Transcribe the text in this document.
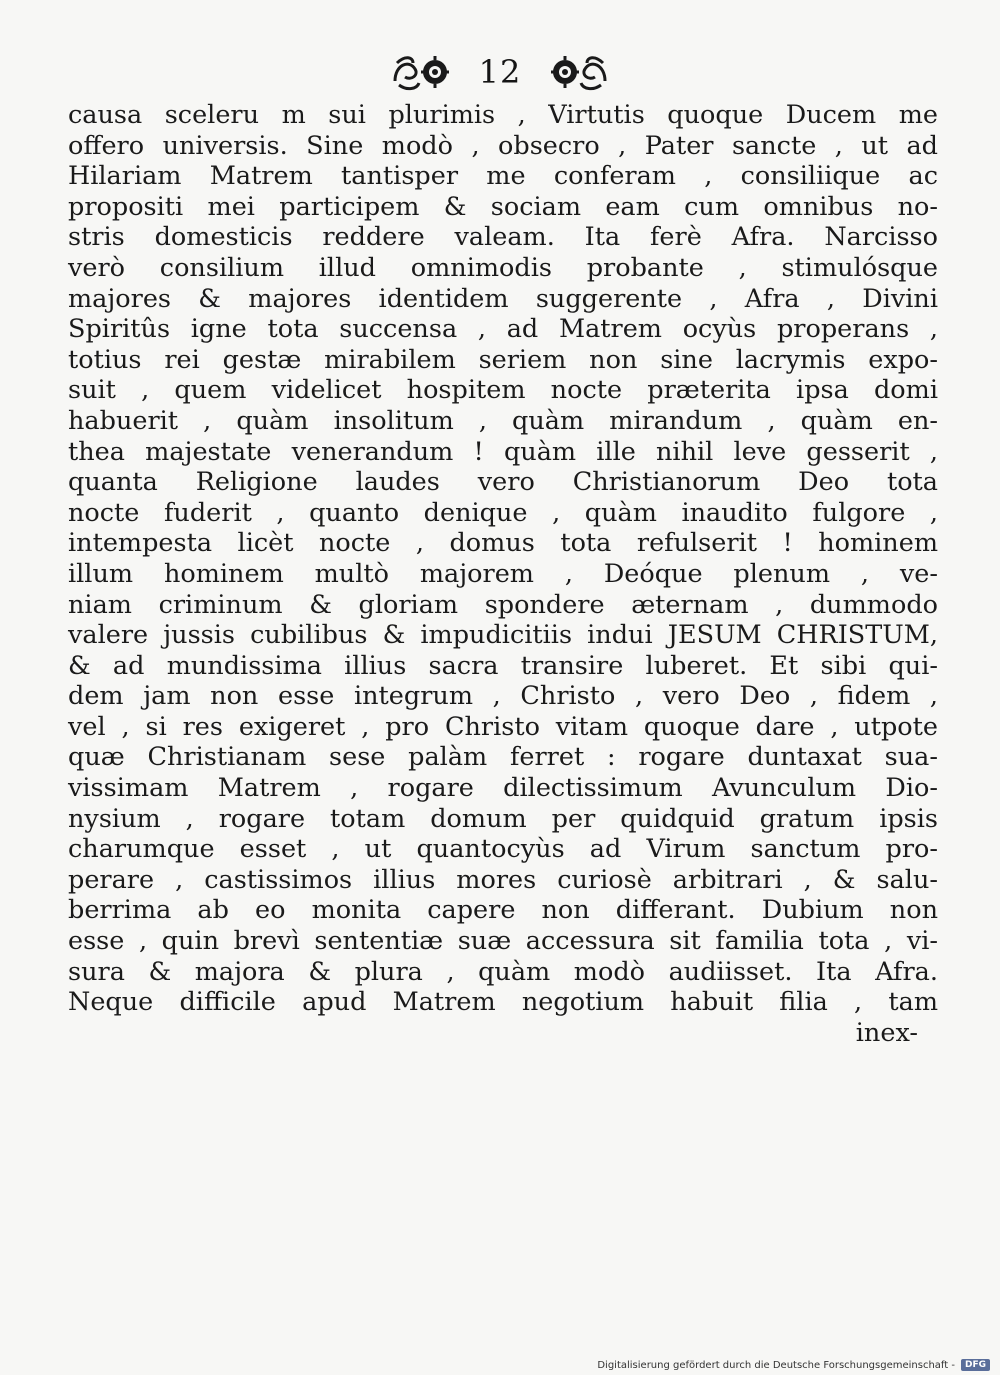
12
causa sceleru m sui plurimis , Virtutis quoque Ducem me
offero universis. Sine modò , obsecro , Pater sancte , ut ad
Hilariam Matrem tantisper me conferam , consiliique ac
propositi mei participem & sociam eam cum omnibus no-
stris domesticis reddere valeam. Ita ferè Afra. Narcisso
verò consilium illud omnimodis probante , stimulósque
majores & majores identidem suggerente , Afra , Divini
Spiritûs igne tota succensa , ad Matrem ocyùs properans ,
totius rei gestæ mirabilem seriem non sine lacrymis expo-
suit , quem videlicet hospitem nocte præterita ipsa domi
habuerit , quàm insolitum , quàm mirandum , quàm en-
thea majestate venerandum ! quàm ille nihil leve gesserit ,
quanta Religione laudes vero Christianorum Deo tota
nocte fuderit , quanto denique , quàm inaudito fulgore ,
intempesta licèt nocte , domus tota refulserit ! hominem
illum hominem multò majorem , Deóque plenum , ve-
niam criminum & gloriam spondere æternam , dummodo
valere jussis cubilibus & impudicitiis indui JESUM CHRISTUM,
& ad mundissima illius sacra transire luberet. Et sibi qui-
dem jam non esse integrum , Christo , vero Deo , fidem ,
vel , si res exigeret , pro Christo vitam quoque dare , utpote
quæ Christianam sese palàm ferret : rogare duntaxat sua-
vissimam Matrem , rogare dilectissimum Avunculum Dio-
nysium , rogare totam domum per quidquid gratum ipsis
charumque esset , ut quantocyùs ad Virum sanctum pro-
perare , castissimos illius mores curiosè arbitrari , & salu-
berrima ab eo monita capere non differant. Dubium non
esse , quin brevì sententiæ suæ accessura sit familia tota , vi-
sura & majora & plura , quàm modò audiisset. Ita Afra.
Neque difficile apud Matrem negotium habuit filia , tam
inex-
Digitalisierung gefördert durch die Deutsche Forschungsgemeinschaft -	DFG
